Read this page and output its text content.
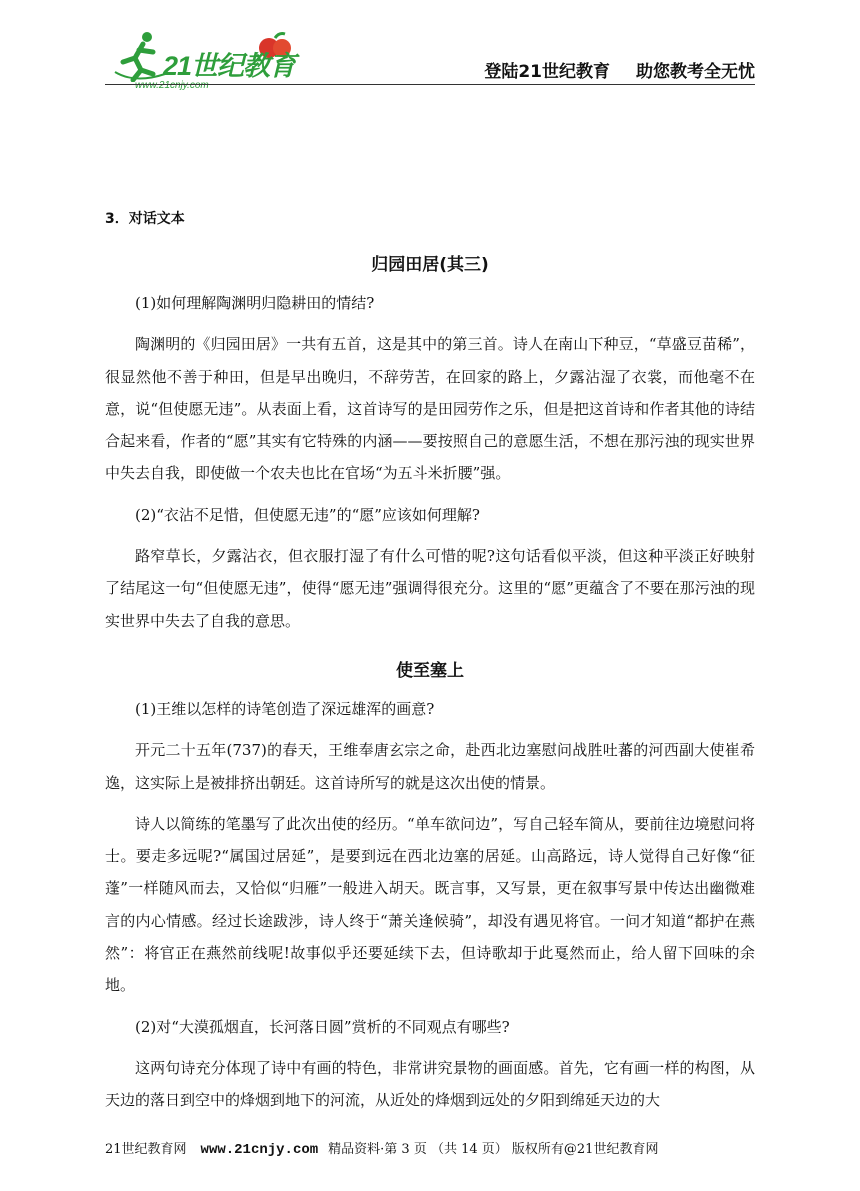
21世纪教育
www.21cnjy.com
登陆21世纪教育 助您教考全无忧
3．对话文本
归园田居(其三)

(1)如何理解陶渊明归隐耕田的情结?

陶渊明的《归园田居》一共有五首，这是其中的第三首。诗人在南山下种豆，“草盛豆苗稀”，很显然他不善于种田，但是早出晚归，不辞劳苦，在回家的路上，夕露沾湿了衣裳，而他毫不在意，说“但使愿无违”。从表面上看，这首诗写的是田园劳作之乐，但是把这首诗和作者其他的诗结合起来看，作者的“愿”其实有它特殊的内涵——要按照自己的意愿生活，不想在那污浊的现实世界中失去自我，即使做一个农夫也比在官场“为五斗米折腰”强。

(2)“衣沾不足惜，但使愿无违”的“愿”应该如何理解?

路窄草长，夕露沾衣，但衣服打湿了有什么可惜的呢?这句话看似平淡，但这种平淡正好映射了结尾这一句“但使愿无违”，使得“愿无违”强调得很充分。这里的“愿”更蕴含了不要在那污浊的现实世界中失去了自我的意思。

使至塞上

(1)王维以怎样的诗笔创造了深远雄浑的画意?

开元二十五年(737)的春天，王维奉唐玄宗之命，赴西北边塞慰问战胜吐蕃的河西副大使崔希逸，这实际上是被排挤出朝廷。这首诗所写的就是这次出使的情景。

诗人以简练的笔墨写了此次出使的经历。“单车欲问边”，写自己轻车简从，要前往边境慰问将士。要走多远呢?“属国过居延”，是要到远在西北边塞的居延。山高路远，诗人觉得自己好像“征蓬”一样随风而去，又恰似“归雁”一般进入胡天。既言事，又写景，更在叙事写景中传达出幽微难言的内心情感。经过长途跋涉，诗人终于“萧关逢候骑”，却没有遇见将官。一问才知道“都护在燕然”：将官正在燕然前线呢!故事似乎还要延续下去，但诗歌却于此戛然而止，给人留下回味的余地。

(2)对“大漠孤烟直，长河落日圆”赏析的不同观点有哪些?

这两句诗充分体现了诗中有画的特色，非常讲究景物的画面感。首先，它有画一样的构图，从天边的落日到空中的烽烟到地下的河流，从近处的烽烟到远处的夕阳到绵延天边的大

21世纪教育网 www.21cnjy.com 精品资料·第 3 页 （共 14 页） 版权所有@21世纪教育网
